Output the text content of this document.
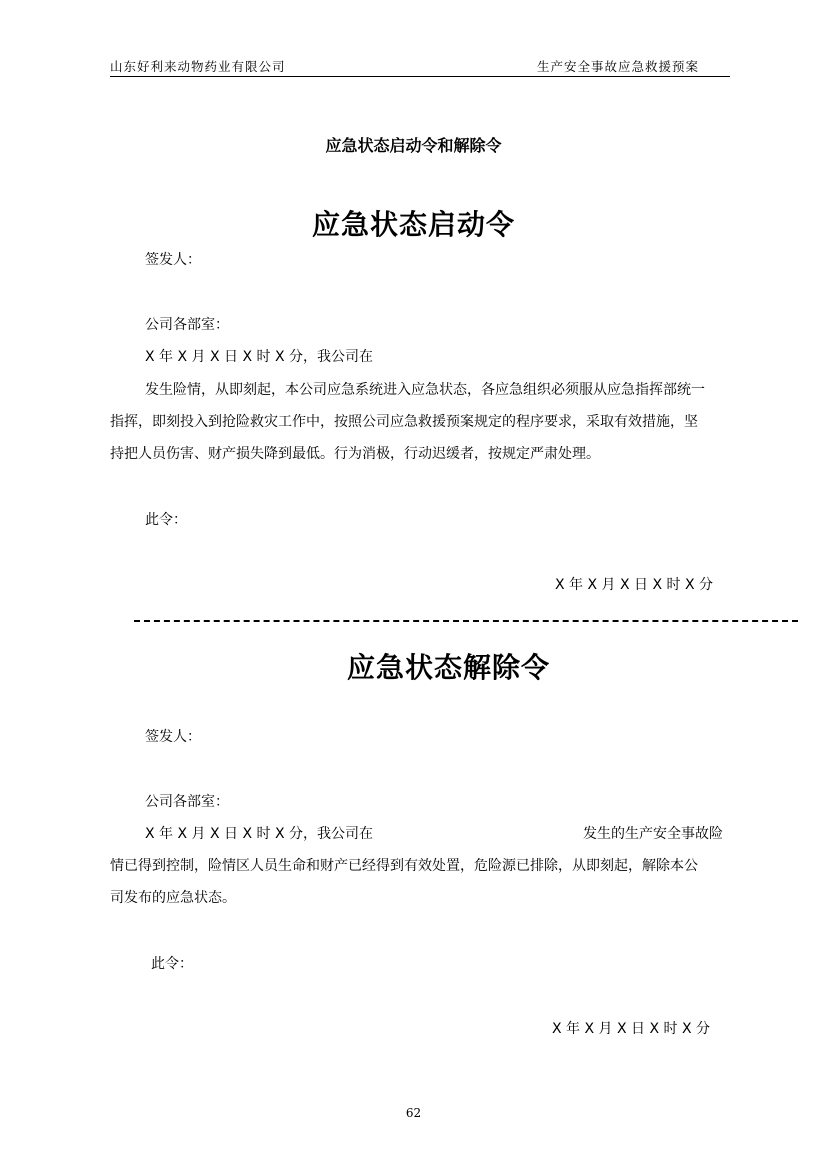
山东好利来动物药业有限公司	生产安全事故应急救援预案
应急状态启动令和解除令
应急状态启动令
签发人：
公司各部室：
X 年 X 月 X 日 X 时 X 分，我公司在
发生险情，从即刻起，本公司应急系统进入应急状态，各应急组织必须服从应急指挥部统一
指挥，即刻投入到抢险救灾工作中，按照公司应急救援预案规定的程序要求，采取有效措施，坚
持把人员伤害、财产损失降到最低。行为消极，行动迟缓者，按规定严肃处理。
此令：
X 年 X 月 X 日 X 时 X 分
应急状态解除令
签发人：
公司各部室：
X 年 X 月 X 日 X 时 X 分，我公司在	发生的生产安全事故险
情已得到控制，险情区人员生命和财产已经得到有效处置，危险源已排除，从即刻起，解除本公
司发布的应急状态。
此令：
X 年 X 月 X 日 X 时 X 分
62
